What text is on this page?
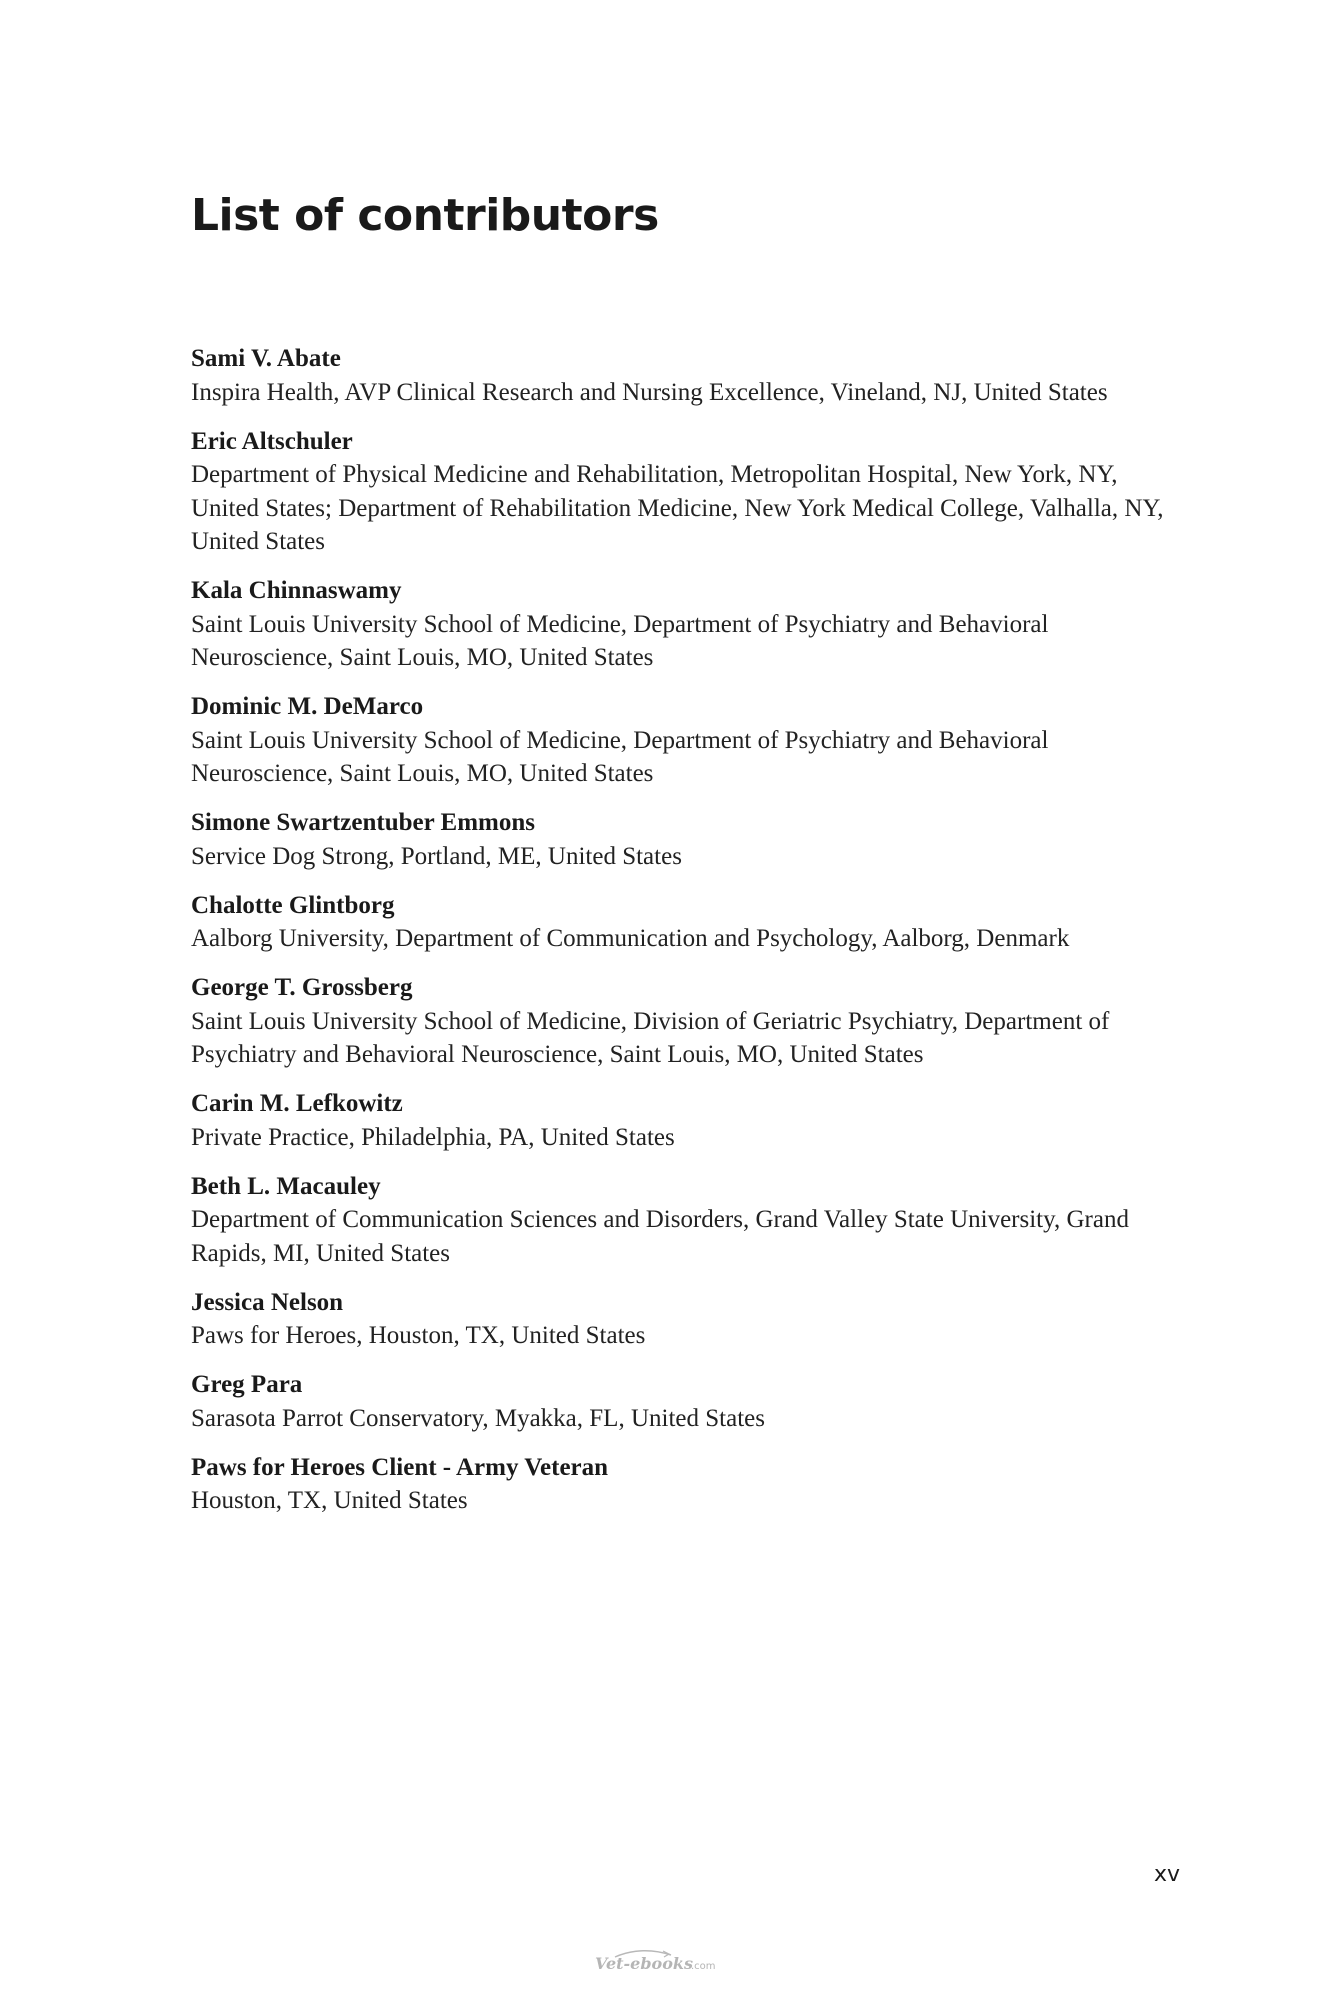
List of contributors
Sami V. Abate
Inspira Health, AVP Clinical Research and Nursing Excellence, Vineland, NJ, United States
Eric Altschuler
Department of Physical Medicine and Rehabilitation, Metropolitan Hospital, New York, NY, United States; Department of Rehabilitation Medicine, New York Medical College, Valhalla, NY, United States
Kala Chinnaswamy
Saint Louis University School of Medicine, Department of Psychiatry and Behavioral Neuroscience, Saint Louis, MO, United States
Dominic M. DeMarco
Saint Louis University School of Medicine, Department of Psychiatry and Behavioral Neuroscience, Saint Louis, MO, United States
Simone Swartzentuber Emmons
Service Dog Strong, Portland, ME, United States
Chalotte Glintborg
Aalborg University, Department of Communication and Psychology, Aalborg, Denmark
George T. Grossberg
Saint Louis University School of Medicine, Division of Geriatric Psychiatry, Department of Psychiatry and Behavioral Neuroscience, Saint Louis, MO, United States
Carin M. Lefkowitz
Private Practice, Philadelphia, PA, United States
Beth L. Macauley
Department of Communication Sciences and Disorders, Grand Valley State University, Grand Rapids, MI, United States
Jessica Nelson
Paws for Heroes, Houston, TX, United States
Greg Para
Sarasota Parrot Conservatory, Myakka, FL, United States
Paws for Heroes Client - Army Veteran
Houston, TX, United States
xv
Vet-ebooks
.com
